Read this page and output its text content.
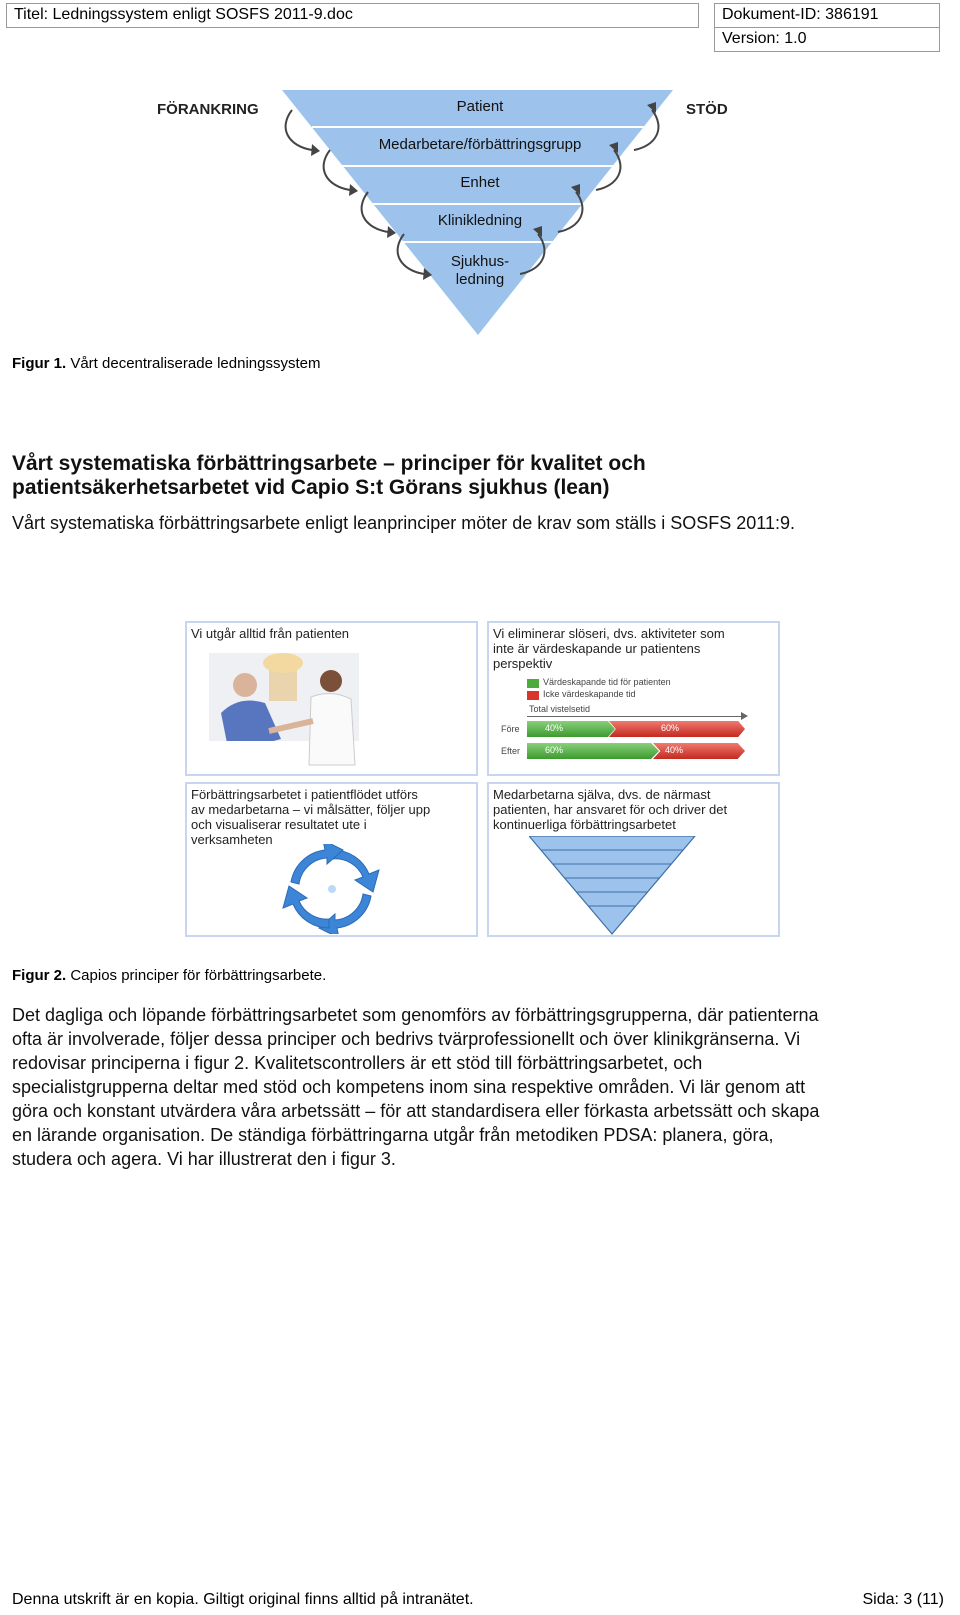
Titel: Ledningssystem enligt SOSFS 2011-9.doc	Dokument-ID: 386191
Version: 1.0
FÖRANKRING	STÖD
Patient
Medarbetare/förbättringsgrupp
Enhet
Klinikledning
Sjukhus-
ledning
Figur 1. Vårt decentraliserade ledningssystem
Vårt systematiska förbättringsarbete – principer för kvalitet och
patientsäkerhetsarbetet vid Capio S:t Görans sjukhus (lean)
Vårt systematiska förbättringsarbete enligt leanprinciper möter de krav som ställs i SOSFS 2011:9.
Vi utgår alltid från patienten	Vi eliminerar slöseri, dvs. aktiviteter som
inte är värdeskapande ur patientens
perspektiv
Värdeskapande tid för patienten
Icke värdeskapande tid
Total vistelsetid
Före	40%	60%
Efter	60%	40%
Förbättringsarbetet i patientflödet utförs
av medarbetarna – vi målsätter, följer upp
och visualiserar resultatet ute i
verksamheten
Medarbetarna själva, dvs. de närmast
patienten, har ansvaret för och driver det
kontinuerliga förbättringsarbetet
Figur 2. Capios principer för förbättringsarbete.

Det dagliga och löpande förbättringsarbetet som genomförs av förbättringsgrupperna, där patienterna

ofta är involverade, följer dessa principer och bedrivs tvärprofessionellt och över klinikgränserna. Vi

redovisar principerna i figur 2. Kvalitetscontrollers är ett stöd till förbättringsarbetet, och

specialistgrupperna deltar med stöd och kompetens inom sina respektive områden. Vi lär genom att

göra och konstant utvärdera våra arbetssätt – för att standardisera eller förkasta arbetssätt och skapa

en lärande organisation. De ständiga förbättringarna utgår från metodiken PDSA: planera, göra,

studera och agera. Vi har illustrerat den i figur 3.

Denna utskrift är en kopia. Giltigt original finns alltid på intranätet.	Sida: 3 (11)
